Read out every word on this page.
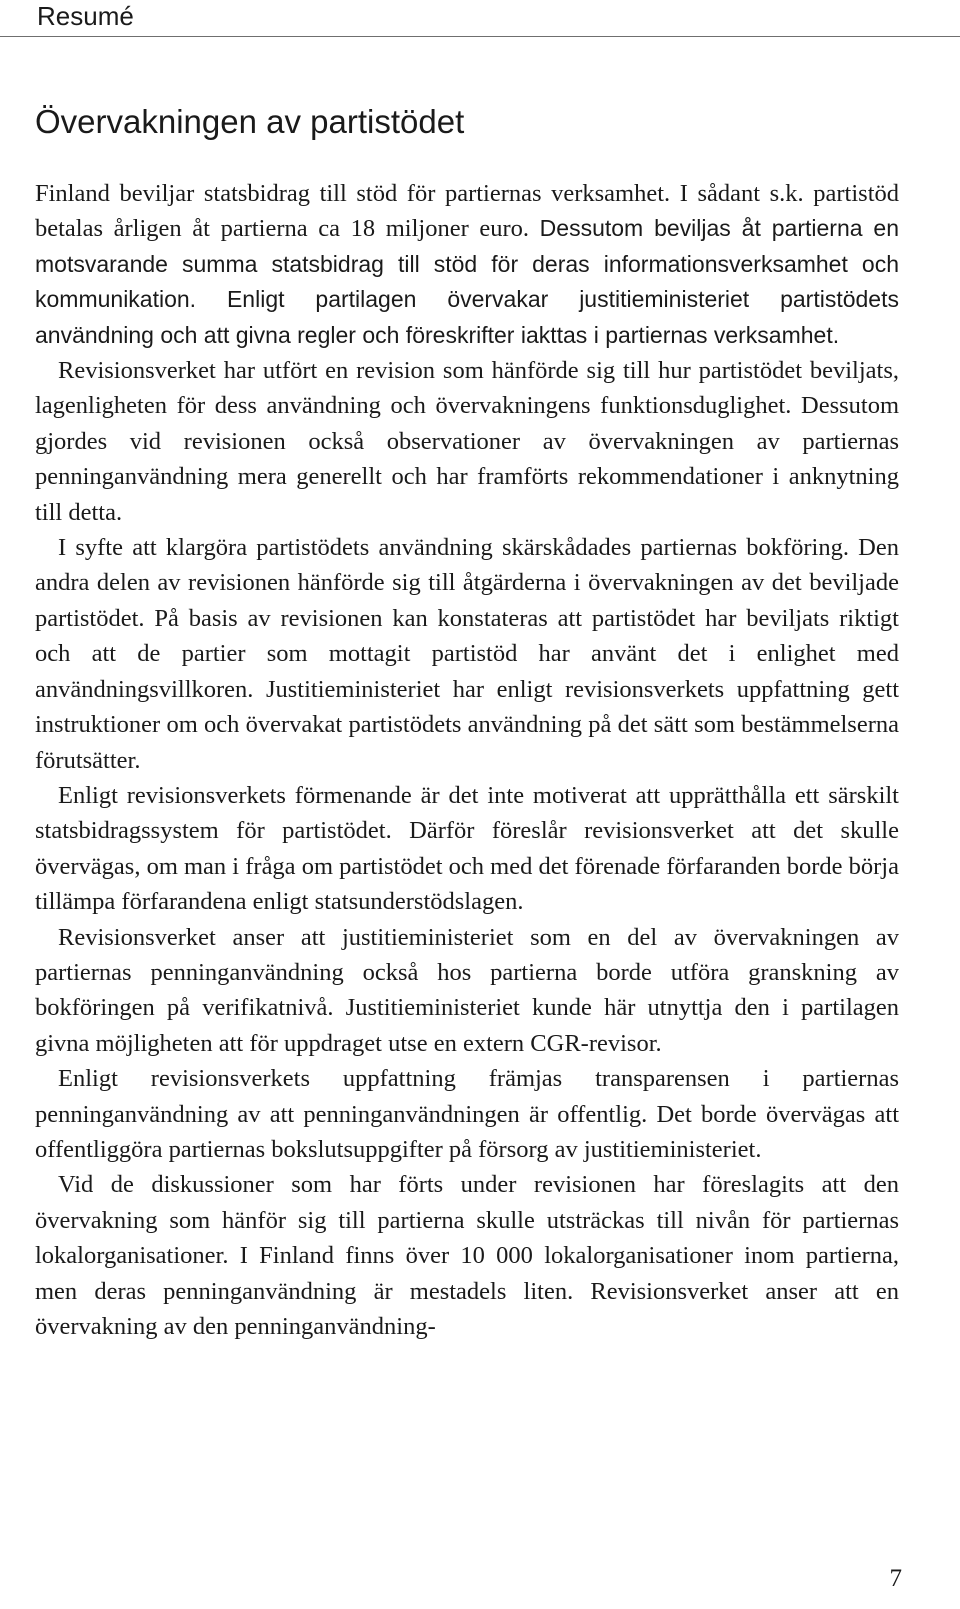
Resumé
Övervakningen av partistödet

Finland beviljar statsbidrag till stöd för partiernas verksamhet. I sådant s.k. partistöd betalas årligen åt partierna ca 18 miljoner euro. Dessutom beviljas åt partierna en motsvarande summa statsbidrag till stöd för deras informationsverksamhet och kommunikation. Enligt partilagen övervakar justitieministeriet partistödets användning och att givna regler och föreskrifter iakttas i partiernas verksamhet.

Revisionsverket har utfört en revision som hänförde sig till hur partistödet beviljats, lagenligheten för dess användning och övervakningens funktionsduglighet. Dessutom gjordes vid revisionen också observationer av övervakningen av partiernas penninganvändning mera generellt och har framförts rekommendationer i anknytning till detta.

I syfte att klargöra partistödets användning skärskådades partiernas bokföring. Den andra delen av revisionen hänförde sig till åtgärderna i övervakningen av det beviljade partistödet. På basis av revisionen kan konstateras att partistödet har beviljats riktigt och att de partier som mottagit partistöd har använt det i enlighet med användningsvillkoren. Justitieministeriet har enligt revisionsverkets uppfattning gett instruktioner om och övervakat partistödets användning på det sätt som bestämmelserna förutsätter.

Enligt revisionsverkets förmenande är det inte motiverat att upprätthålla ett särskilt statsbidragssystem för partistödet. Därför föreslår revisionsverket att det skulle övervägas, om man i fråga om partistödet och med det förenade förfaranden borde börja tillämpa förfarandena enligt statsunderstödslagen.

Revisionsverket anser att justitieministeriet som en del av övervakningen av partiernas penninganvändning också hos partierna borde utföra granskning av bokföringen på verifikatnivå. Justitieministeriet kunde här utnyttja den i partilagen givna möjligheten att för uppdraget utse en extern CGR-revisor.

Enligt revisionsverkets uppfattning främjas transparensen i partiernas penninganvändning av att penninganvändningen är offentlig. Det borde övervägas att offentliggöra partiernas bokslutsuppgifter på försorg av justitieministeriet.

Vid de diskussioner som har förts under revisionen har föreslagits att den övervakning som hänför sig till partierna skulle utsträckas till nivån för partiernas lokalorganisationer. I Finland finns över 10 000 lokalorganisationer inom partierna, men deras penninganvändning är mestadels liten. Revisionsverket anser att en övervakning av den penninganvändning-

7
